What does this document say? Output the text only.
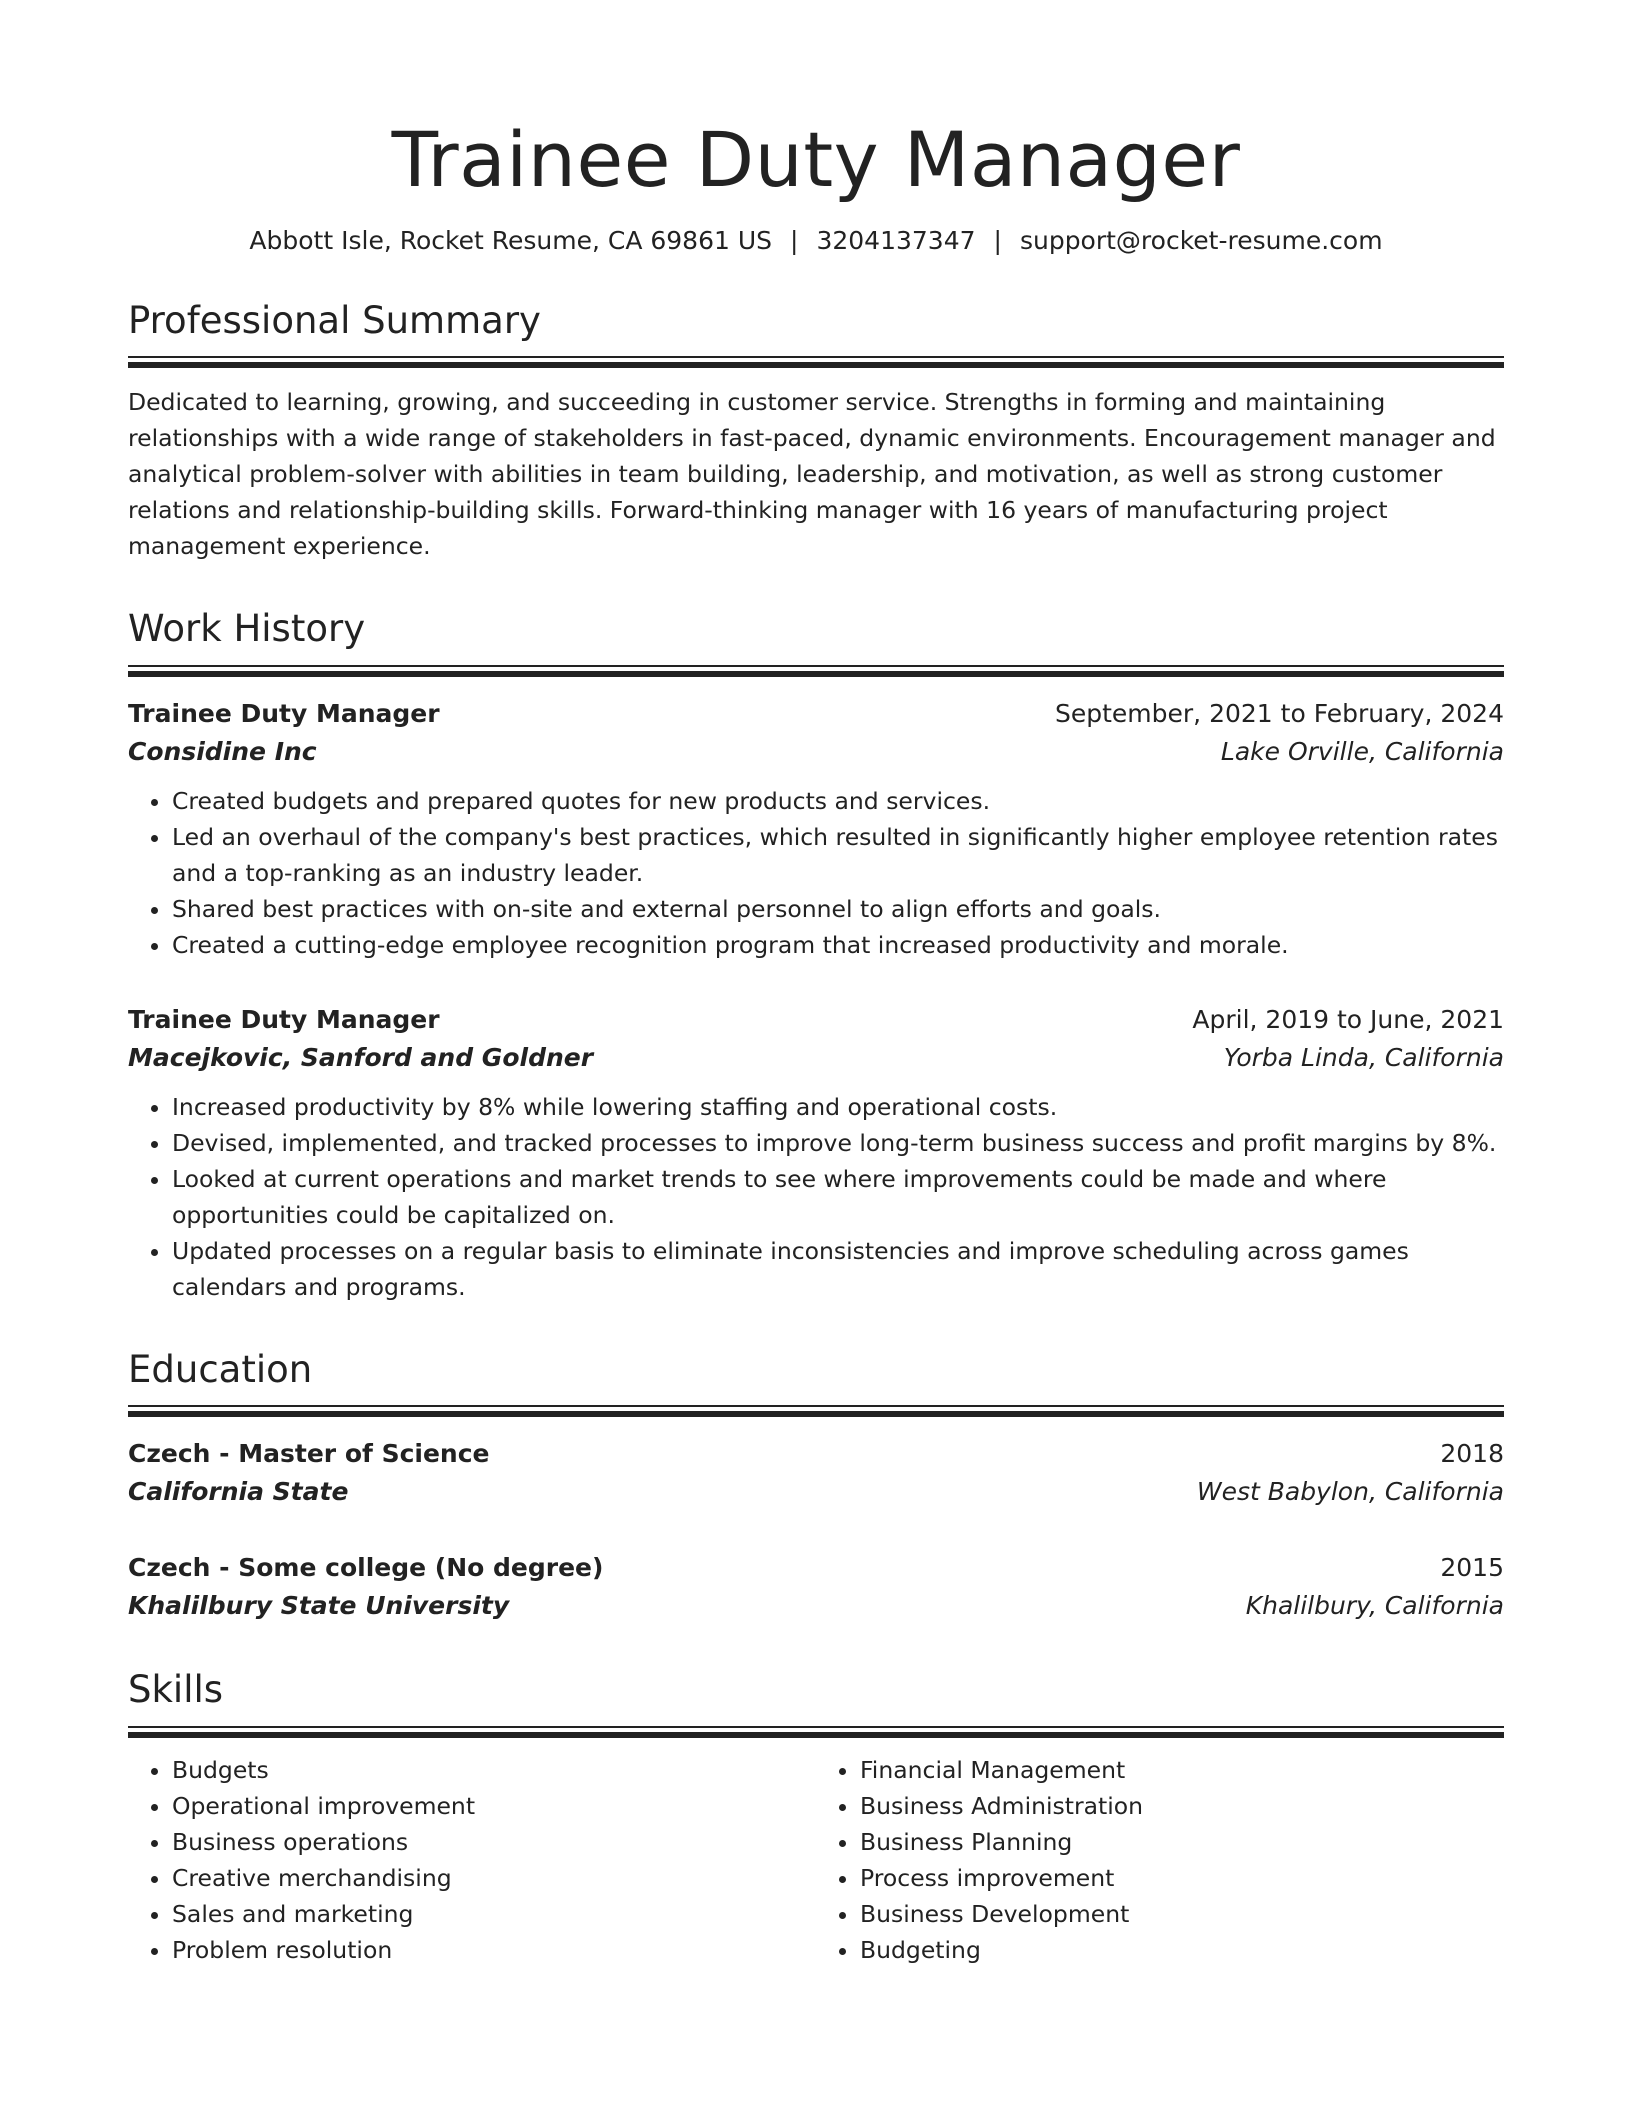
Trainee Duty Manager
Abbott Isle, Rocket Resume, CA 69861 US | 3204137347 | support@rocket-resume.com
Professional Summary
Dedicated to learning, growing, and succeeding in customer service. Strengths in forming and maintaining relationships with a wide range of stakeholders in fast-paced, dynamic environments. Encouragement manager and analytical problem-solver with abilities in team building, leadership, and motivation, as well as strong customer relations and relationship-building skills. Forward-thinking manager with 16 years of manufacturing project management experience.
Work History
Trainee Duty Manager	September, 2021 to February, 2024
Considine Inc	Lake Orville, California
• Created budgets and prepared quotes for new products and services.
• Led an overhaul of the company's best practices, which resulted in significantly higher employee retention rates and a top-ranking as an industry leader.
• Shared best practices with on-site and external personnel to align efforts and goals.
• Created a cutting-edge employee recognition program that increased productivity and morale.
Trainee Duty Manager	April, 2019 to June, 2021
Macejkovic, Sanford and Goldner	Yorba Linda, California
• Increased productivity by 8% while lowering staffing and operational costs.
• Devised, implemented, and tracked processes to improve long-term business success and profit margins by 8%.
• Looked at current operations and market trends to see where improvements could be made and where opportunities could be capitalized on.
• Updated processes on a regular basis to eliminate inconsistencies and improve scheduling across games calendars and programs.
Education
Czech - Master of Science	2018
California State	West Babylon, California
Czech - Some college (No degree)	2015
Khalilbury State University	Khalilbury, California
Skills
• Budgets
• Operational improvement
• Business operations
• Creative merchandising
• Sales and marketing
• Problem resolution
• Financial Management
• Business Administration
• Business Planning
• Process improvement
• Business Development
• Budgeting
